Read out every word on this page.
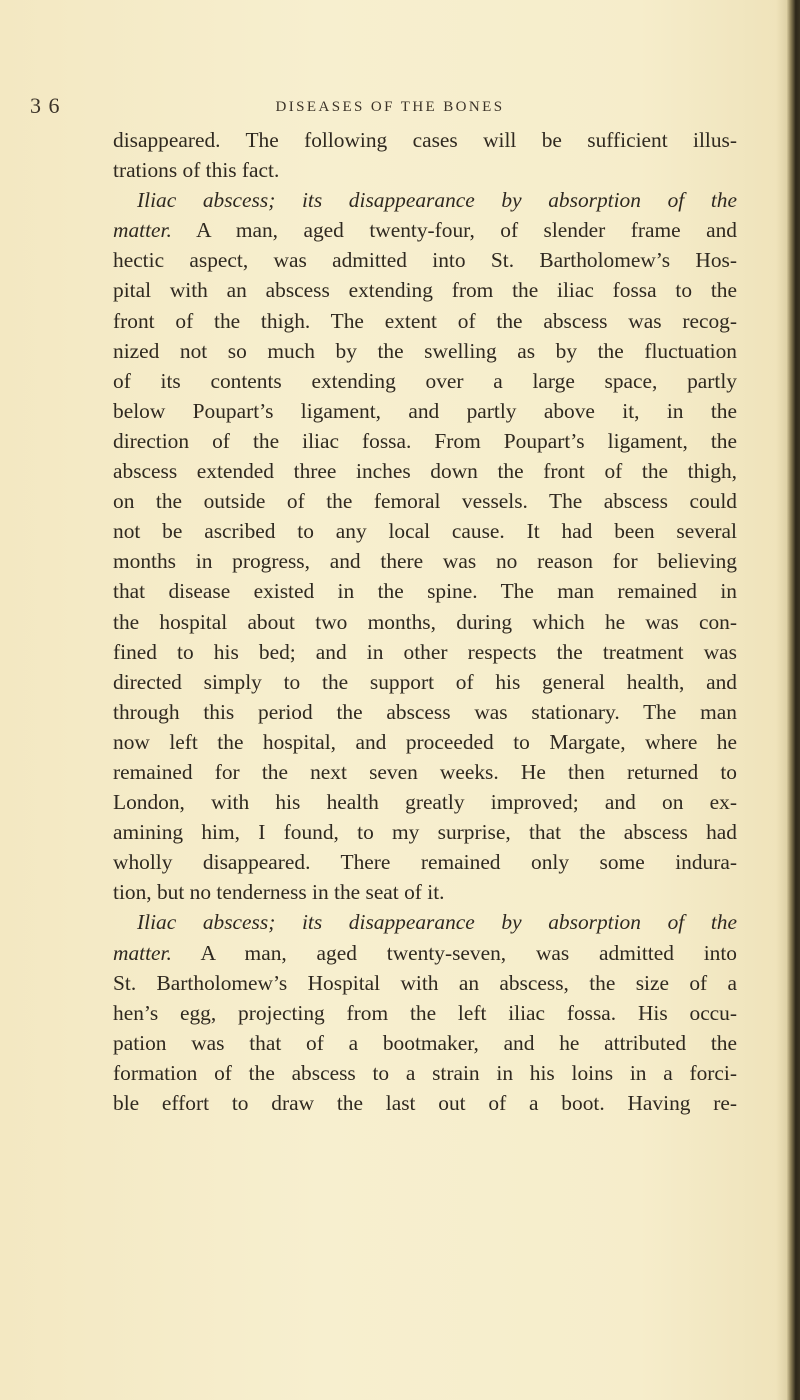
3 6	DISEASES OF THE BONES
disappeared. The following cases will be sufficient illus-
trations of this fact.
Iliac abscess; its disappearance by absorption of the
matter. A man, aged twenty-four, of slender frame and
hectic aspect, was admitted into St. Bartholomew’s Hos-
pital with an abscess extending from the iliac fossa to the
front of the thigh. The extent of the abscess was recog-
nized not so much by the swelling as by the fluctuation
of its contents extending over a large space, partly
below Poupart’s ligament, and partly above it, in the
direction of the iliac fossa. From Poupart’s ligament, the
abscess extended three inches down the front of the thigh,
on the outside of the femoral vessels. The abscess could
not be ascribed to any local cause. It had been several
months in progress, and there was no reason for believing
that disease existed in the spine. The man remained in
the hospital about two months, during which he was con-
fined to his bed; and in other respects the treatment was
directed simply to the support of his general health, and
through this period the abscess was stationary. The man
now left the hospital, and proceeded to Margate, where he
remained for the next seven weeks. He then returned to
London, with his health greatly improved; and on ex-
amining him, I found, to my surprise, that the abscess had
wholly disappeared. There remained only some indura-
tion, but no tenderness in the seat of it.
Iliac abscess; its disappearance by absorption of the
matter. A man, aged twenty-seven, was admitted into
St. Bartholomew’s Hospital with an abscess, the size of a
hen’s egg, projecting from the left iliac fossa. His occu-
pation was that of a bootmaker, and he attributed the
formation of the abscess to a strain in his loins in a forci-
ble effort to draw the last out of a boot. Having re-
